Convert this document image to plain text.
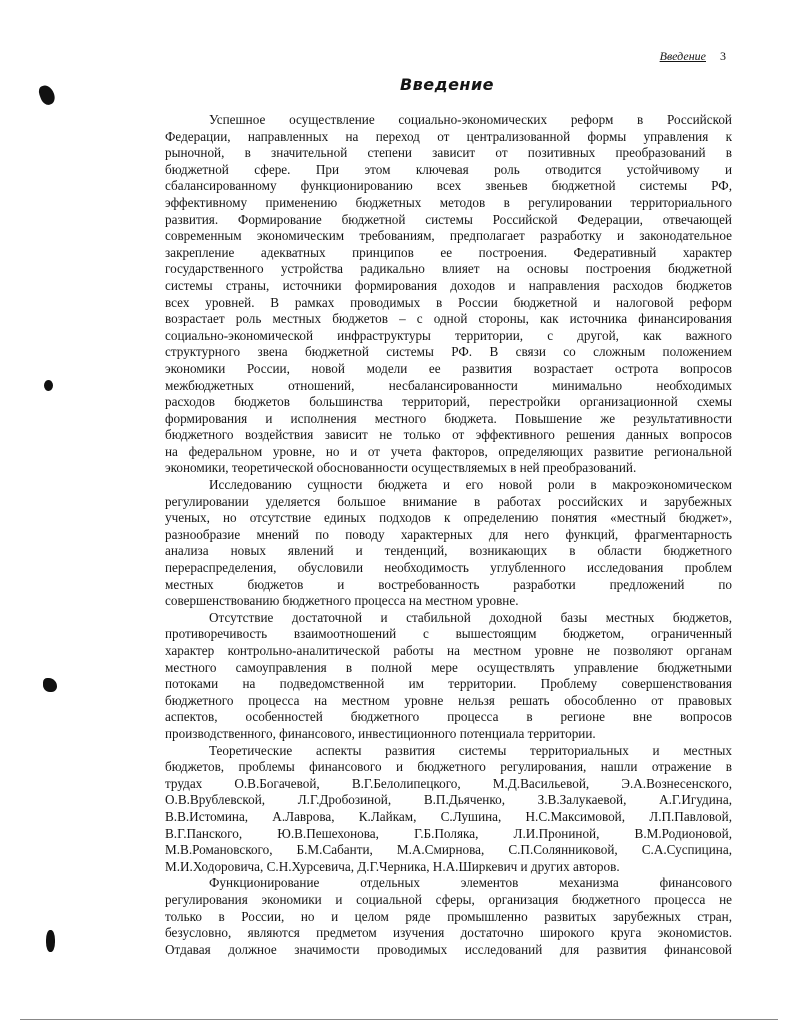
Введение 3
Введение
Успешное осуществление социально-экономических реформ в Российской
Федерации, направленных на переход от централизованной формы управления к
рыночной, в значительной степени зависит от позитивных преобразований в
бюджетной сфере. При этом ключевая роль отводится устойчивому и
сбалансированному функционированию всех звеньев бюджетной системы РФ,
эффективному применению бюджетных методов в регулировании территориального
развития. Формирование бюджетной системы Российской Федерации, отвечающей
современным экономическим требованиям, предполагает разработку и законодательное
закрепление адекватных принципов ее построения. Федеративный характер
государственного устройства радикально влияет на основы построения бюджетной
системы страны, источники формирования доходов и направления расходов бюджетов
всех уровней. В рамках проводимых в России бюджетной и налоговой реформ
возрастает роль местных бюджетов – с одной стороны, как источника финансирования
социально-экономической инфраструктуры территории, с другой, как важного
структурного звена бюджетной системы РФ. В связи со сложным положением
экономики России, новой модели ее развития возрастает острота вопросов
межбюджетных отношений, несбалансированности минимально необходимых
расходов бюджетов большинства территорий, перестройки организационной схемы
формирования и исполнения местного бюджета. Повышение же результативности
бюджетного воздействия зависит не только от эффективного решения данных вопросов
на федеральном уровне, но и от учета факторов, определяющих развитие региональной
экономики, теоретической обоснованности осуществляемых в ней преобразований.
Исследованию сущности бюджета и его новой роли в макроэкономическом
регулировании уделяется большое внимание в работах российских и зарубежных
ученых, но отсутствие единых подходов к определению понятия «местный бюджет»,
разнообразие мнений по поводу характерных для него функций, фрагментарность
анализа новых явлений и тенденций, возникающих в области бюджетного
перераспределения, обусловили необходимость углубленного исследования проблем
местных бюджетов и востребованность разработки предложений по
совершенствованию бюджетного процесса на местном уровне.
Отсутствие достаточной и стабильной доходной базы местных бюджетов,
противоречивость взаимоотношений с вышестоящим бюджетом, ограниченный
характер контрольно-аналитической работы на местном уровне не позволяют органам
местного самоуправления в полной мере осуществлять управление бюджетными
потоками на подведомственной им территории. Проблему совершенствования
бюджетного процесса на местном уровне нельзя решать обособленно от правовых
аспектов, особенностей бюджетного процесса в регионе вне вопросов
производственного, финансового, инвестиционного потенциала территории.
Теоретические аспекты развития системы территориальных и местных
бюджетов, проблемы финансового и бюджетного регулирования, нашли отражение в
трудах О.В.Богачевой, В.Г.Белолипецкого, М.Д.Васильевой, Э.А.Вознесенского,
О.В.Врублевской, Л.Г.Дробозиной, В.П.Дьяченко, З.В.Залукаевой, А.Г.Игудина,
В.В.Истомина, А.Лаврова, К.Лайкам, С.Лушина, Н.С.Максимовой, Л.П.Павловой,
В.Г.Панского, Ю.В.Пешехонова, Г.Б.Поляка, Л.И.Прониной, В.М.Родионовой,
М.В.Романовского, Б.М.Сабанти, М.А.Смирнова, С.П.Солянниковой, С.А.Суспицина,
М.И.Ходоровича, С.Н.Хурсевича, Д.Г.Черника, Н.А.Ширкевич и других авторов.
Функционирование отдельных элементов механизма финансового
регулирования экономики и социальной сферы, организация бюджетного процесса не
только в России, но и целом ряде промышленно развитых зарубежных стран,
безусловно, являются предметом изучения достаточно широкого круга экономистов.
Отдавая должное значимости проводимых исследований для развития финансовой
